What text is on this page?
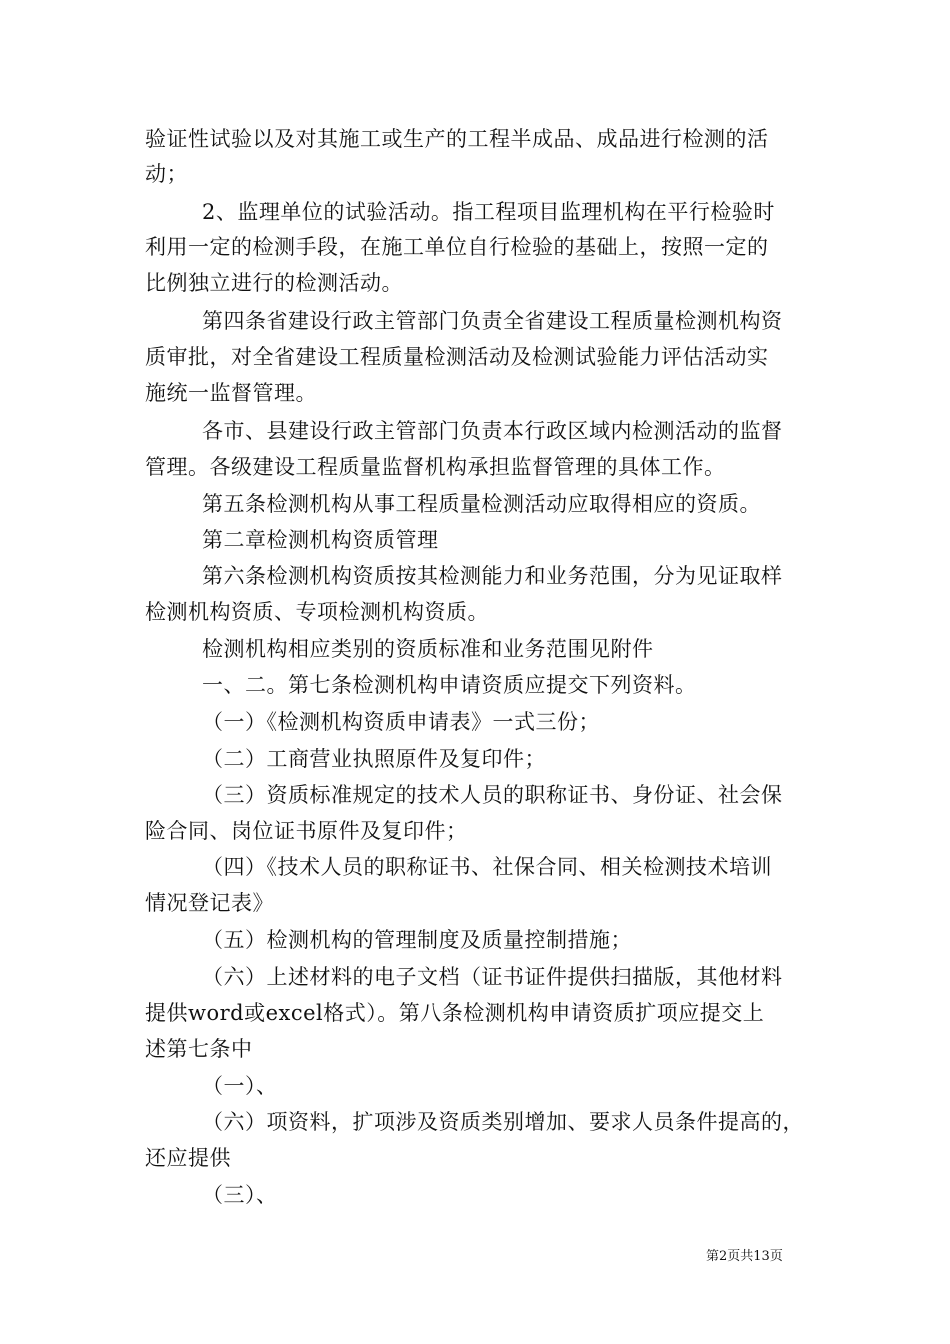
验证性试验以及对其施工或生产的工程半成品、成品进行检测的活
动；
2、监理单位的试验活动。指工程项目监理机构在平行检验时
利用一定的检测手段，在施工单位自行检验的基础上，按照一定的
比例独立进行的检测活动。
第四条省建设行政主管部门负责全省建设工程质量检测机构资
质审批，对全省建设工程质量检测活动及检测试验能力评估活动实
施统一监督管理。
各市、县建设行政主管部门负责本行政区域内检测活动的监督
管理。各级建设工程质量监督机构承担监督管理的具体工作。
第五条检测机构从事工程质量检测活动应取得相应的资质。
第二章检测机构资质管理
第六条检测机构资质按其检测能力和业务范围，分为见证取样
检测机构资质、专项检测机构资质。
检测机构相应类别的资质标准和业务范围见附件
一、二。第七条检测机构申请资质应提交下列资料。
（一）《检测机构资质申请表》一式三份；
（二）工商营业执照原件及复印件；
（三）资质标准规定的技术人员的职称证书、身份证、社会保
险合同、岗位证书原件及复印件；
（四）《技术人员的职称证书、社保合同、相关检测技术培训
情况登记表》
（五）检测机构的管理制度及质量控制措施；
（六）上述材料的电子文档（证书证件提供扫描版，其他材料
提供word或excel格式）。第八条检测机构申请资质扩项应提交上
述第七条中
（一）、
（六）项资料，扩项涉及资质类别增加、要求人员条件提高的，
还应提供
（三）、
第2页共13页
